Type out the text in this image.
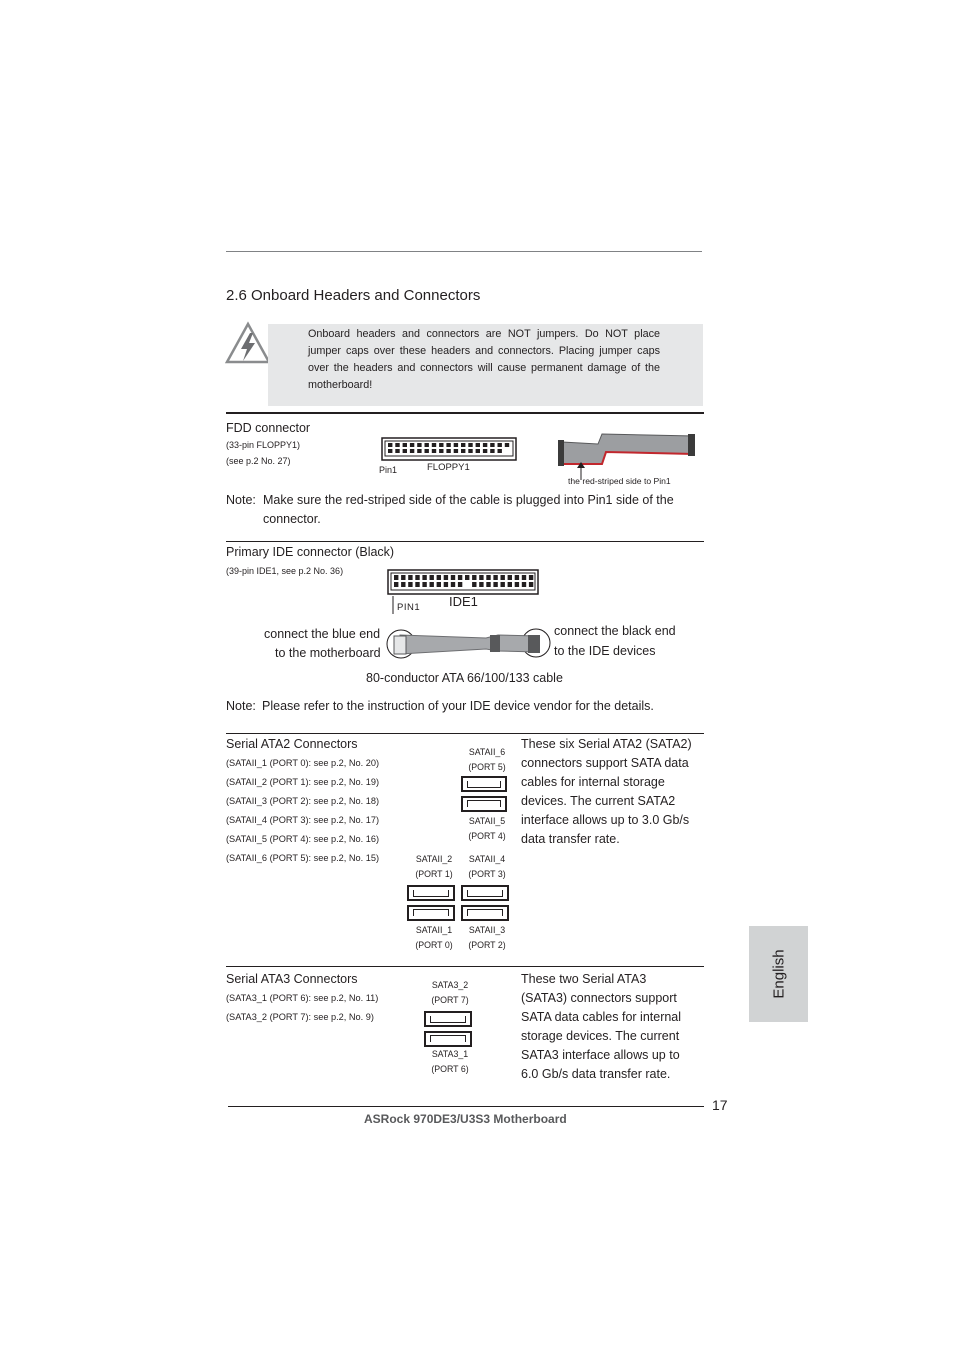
2.6 Onboard Headers and Connectors
Onboard headers and connectors are NOT jumpers. Do NOT place jumper caps over these headers and connectors. Placing jumper caps over the headers and connectors will cause permanent damage of the motherboard!
FDD connector
(33-pin FLOPPY1)
(see p.2 No. 27)
Pin1	FLOPPY1
the red-striped side to Pin1
Note: Make sure the red-striped side of the cable is plugged into Pin1 side of the
connector.
Primary IDE connector (Black)
(39-pin IDE1, see p.2 No. 36)
PIN1 IDE1
connect the blue end
to the motherboard
connect the black end
to the IDE devices
80-conductor ATA 66/100/133 cable
Note: Please refer to the instruction of your IDE device vendor for the details.
Serial ATA2 Connectors
(SATAII_1 (PORT 0): see p.2, No. 20)
(SATAII_2 (PORT 1): see p.2, No. 19)
(SATAII_3 (PORT 2): see p.2, No. 18)
(SATAII_4 (PORT 3): see p.2, No. 17)
(SATAII_5 (PORT 4): see p.2, No. 16)
(SATAII_6 (PORT 5): see p.2, No. 15)
SATAII_6
(PORT 5)
SATAII_5
(PORT 4)
SATAII_2
(PORT 1)
SATAII_4
(PORT 3)
SATAII_1
(PORT 0)
SATAII_3
(PORT 2)
These six Serial ATA2 (SATA2)
connectors support SATA data
cables for internal storage
devices. The current SATA2
interface allows up to 3.0 Gb/s
data transfer rate.
Serial ATA3 Connectors
(SATA3_1 (PORT 6): see p.2, No. 11)
(SATA3_2 (PORT 7): see p.2, No. 9)
SATA3_2
(PORT 7)
SATA3_1
(PORT 6)
These two Serial ATA3
(SATA3) connectors support
SATA data cables for internal
storage devices. The current
SATA3 interface allows up to
6.0 Gb/s data transfer rate.
English
17
ASRock 970DE3/U3S3 Motherboard
